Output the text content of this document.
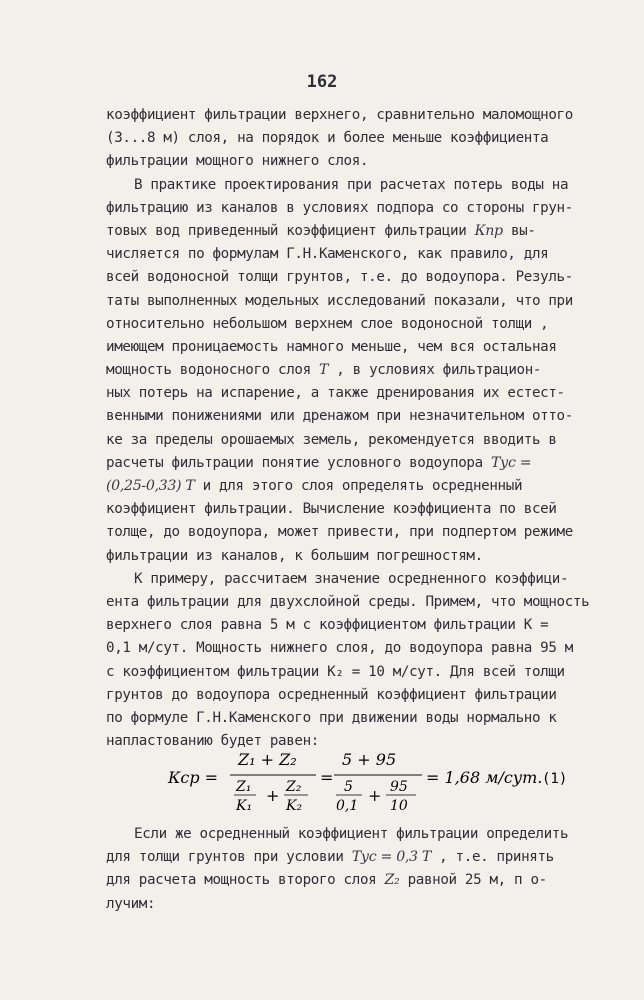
162
коэффициент фильтрации верхнего, сравнительно маломощного
(3...8 м) слоя, на порядок и более меньше коэффициента
фильтрации мощного нижнего слоя.
В практике проектирования при расчетах потерь воды на
фильтрацию из каналов в условиях подпора со стороны грун-
товых вод приведенный коэффициент фильтрации Кпр вы-
числяется по формулам Г.Н.Каменского, как правило, для
всей водоносной толщи грунтов, т.е. до водоупора. Резуль-
таты выполненных модельных исследований показали, что при
относительно небольшом верхнем слое водоносной толщи ,
имеющем проницаемость намного меньше, чем вся остальная
мощность водоносного слоя Т , в условиях фильтрацион-
ных потерь на испарение, а также дренирования их естест-
венными понижениями или дренажом при незначительном отто-
ке за пределы орошаемых земель, рекомендуется вводить в
расчеты фильтрации понятие условного водоупора Тус =
(0,25-0,33) Т и для этого слоя определять осредненный
коэффициент фильтрации. Вычисление коэффициента по всей
толще, до водоупора, может привести, при подпертом режиме
фильтрации из каналов, к большим погрешностям.
К примеру, рассчитаем значение осредненного коэффици-
ента фильтрации для двухслойной среды. Примем, что мощность
верхнего слоя равна 5 м с коэффициентом фильтрации К =
0,1 м/сут. Мощность нижнего слоя, до водоупора равна 95 м
с коэффициентом фильтрации К₂ = 10 м/сут. Для всей толщи
грунтов до водоупора осредненный коэффициент фильтрации
по формуле Г.Н.Каменского при движении воды нормально к
напластованию будет равен:
Кср =
Z₁ + Z₂
Z₁
K₁
+ Z₂
K₂
=
5 + 95
5
0,1
+ 95
10
= 1,68 м/сут. (1)
Если же осредненный коэффициент фильтрации определить
для толщи грунтов при условии Тус = 0,3 Т , т.е. принять
для расчета мощность второго слоя Z₂ равной 25 м, п о-
лучим:
